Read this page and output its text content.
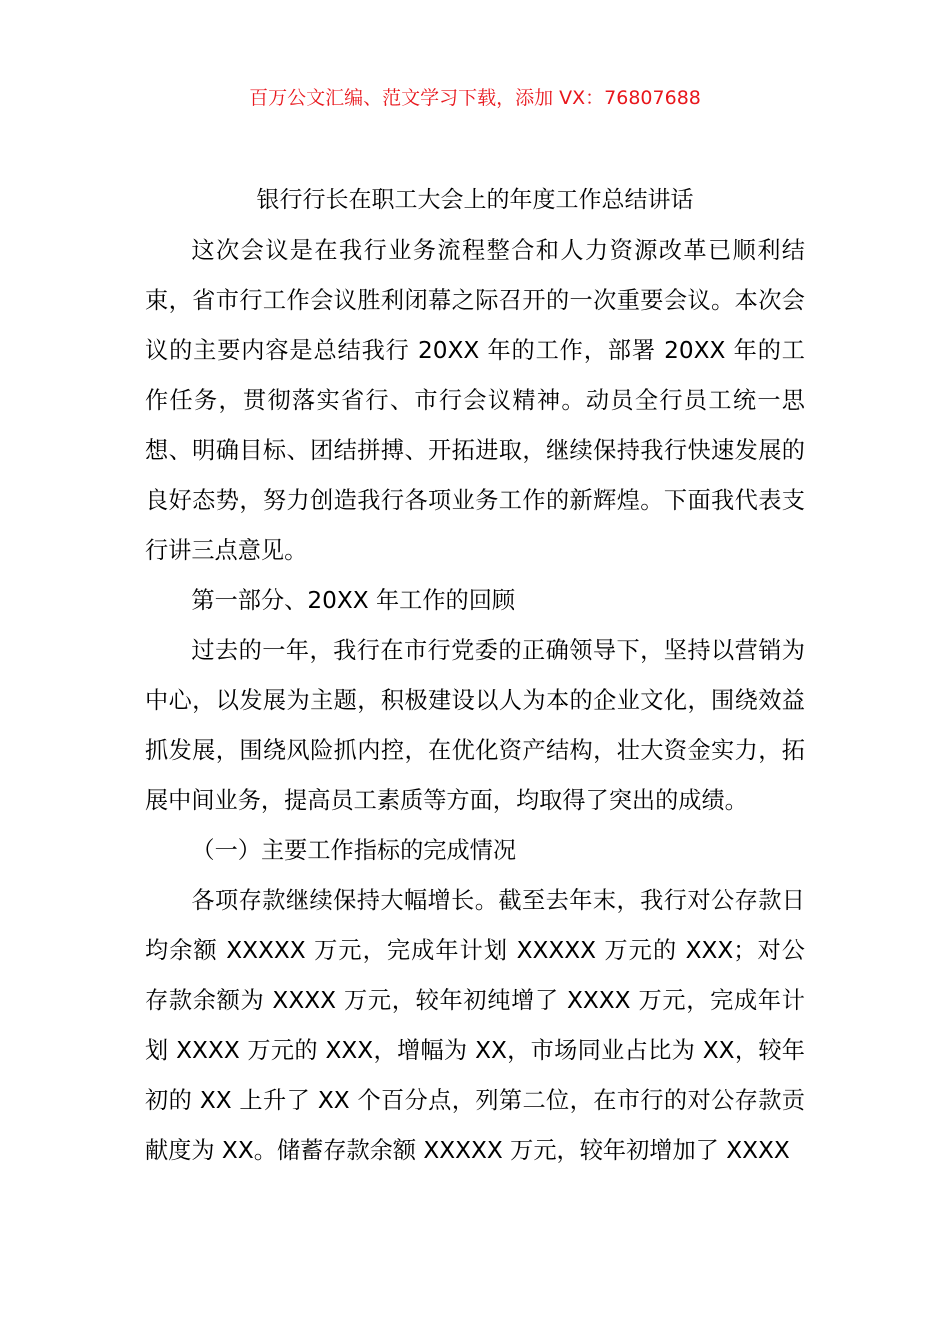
百万公文汇编、范文学习下载，添加 VX：76807688
银行行长在职工大会上的年度工作总结讲话

这次会议是在我行业务流程整合和人力资源改革已顺利结束，省市行工作会议胜利闭幕之际召开的一次重要会议。本次会议的主要内容是总结我行 20XX 年的工作，部署 20XX 年的工作任务，贯彻落实省行、市行会议精神。动员全行员工统一思想、明确目标、团结拼搏、开拓进取，继续保持我行快速发展的良好态势，努力创造我行各项业务工作的新辉煌。下面我代表支行讲三点意见。

第一部分、20XX 年工作的回顾

过去的一年，我行在市行党委的正确领导下，坚持以营销为中心，以发展为主题，积极建设以人为本的企业文化，围绕效益抓发展，围绕风险抓内控，在优化资产结构，壮大资金实力，拓展中间业务，提高员工素质等方面，均取得了突出的成绩。

（一）主要工作指标的完成情况

各项存款继续保持大幅增长。截至去年末，我行对公存款日均余额 XXXXX 万元，完成年计划 XXXXX 万元的 XXX；对公存款余额为 XXXX 万元，较年初纯增了 XXXX 万元，完成年计划 XXXX 万元的 XXX，增幅为 XX，市场同业占比为 XX，较年初的 XX 上升了 XX 个百分点，列第二位，在市行的对公存款贡献度为 XX。储蓄存款余额 XXXXX 万元，较年初增加了 XXXX
